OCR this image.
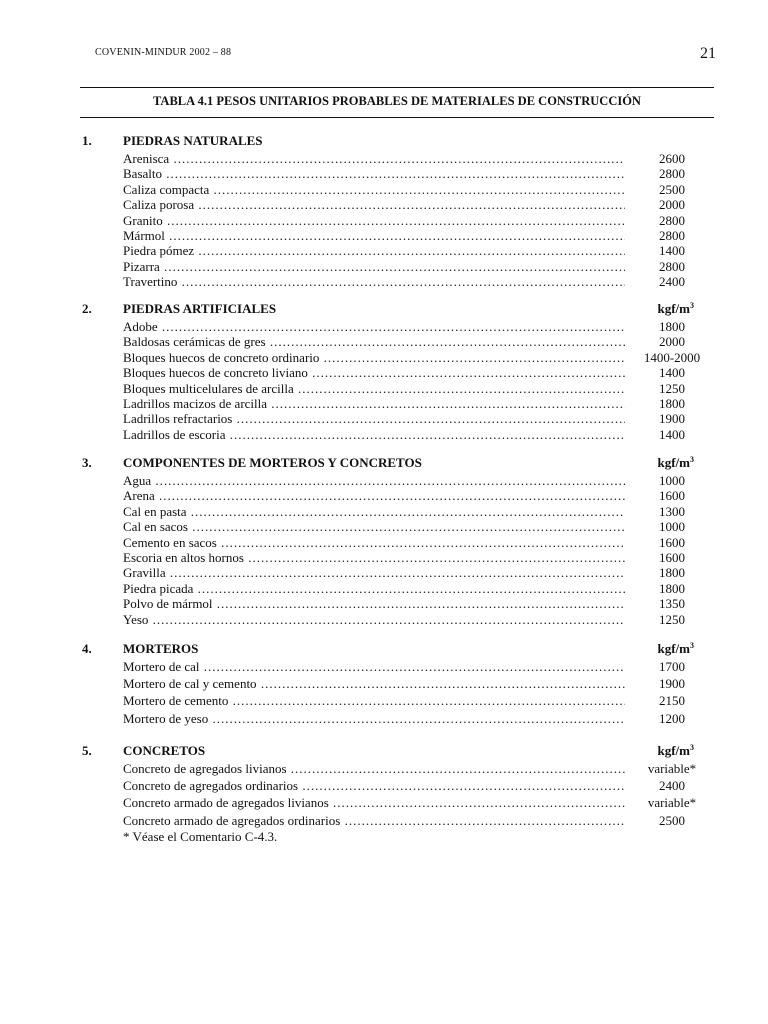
COVENIN-MINDUR 2002 – 88	21
TABLA 4.1 PESOS UNITARIOS PROBABLES DE MATERIALES DE CONSTRUCCIÓN
1. PIEDRAS NATURALES
Arenisca .....	2600
Basalto .....	2800
Caliza compacta .....	2500
Caliza porosa .....	2000
Granito .....	2800
Mármol .....	2800
Piedra pómez .....	1400
Pizarra .....	2800
Travertino .....	2400
2. PIEDRAS ARTIFICIALES	kgf/$m^3$
Adobe .....	1800
Baldosas cerámicas de gres .....	2000
Bloques huecos de concreto ordinario .....	1400-2000
Bloques huecos de concreto liviano .....	1400
Bloques multicelulares de arcilla .....	1250
Ladrillos macizos de arcilla .....	1800
Ladrillos refractarios .....	1900
Ladrillos de escoria .....	1400
3. COMPONENTES DE MORTEROS Y CONCRETOS	kgf/$m^3$
Agua .....	1000
Arena .....	1600
Cal en pasta .....	1300
Cal en sacos .....	1000
Cemento en sacos .....	1600
Escoria en altos hornos .....	1600
Gravilla .....	1800
Piedra picada .....	1800
Polvo de mármol .....	1350
Yeso .....	1250
4. MORTEROS	kgf/$m^3$
Mortero de cal .....	1700
Mortero de cal y cemento .....	1900
Mortero de cemento .....	2150
Mortero de yeso .....	1200
5. CONCRETOS	kgf/$m^3$
Concreto de agregados livianos .....	variable*
Concreto de agregados ordinarios .....	2400
Concreto armado de agregados livianos .....	variable*
Concreto armado de agregados ordinarios .....	2500
* Véase el Comentario C-4.3.
